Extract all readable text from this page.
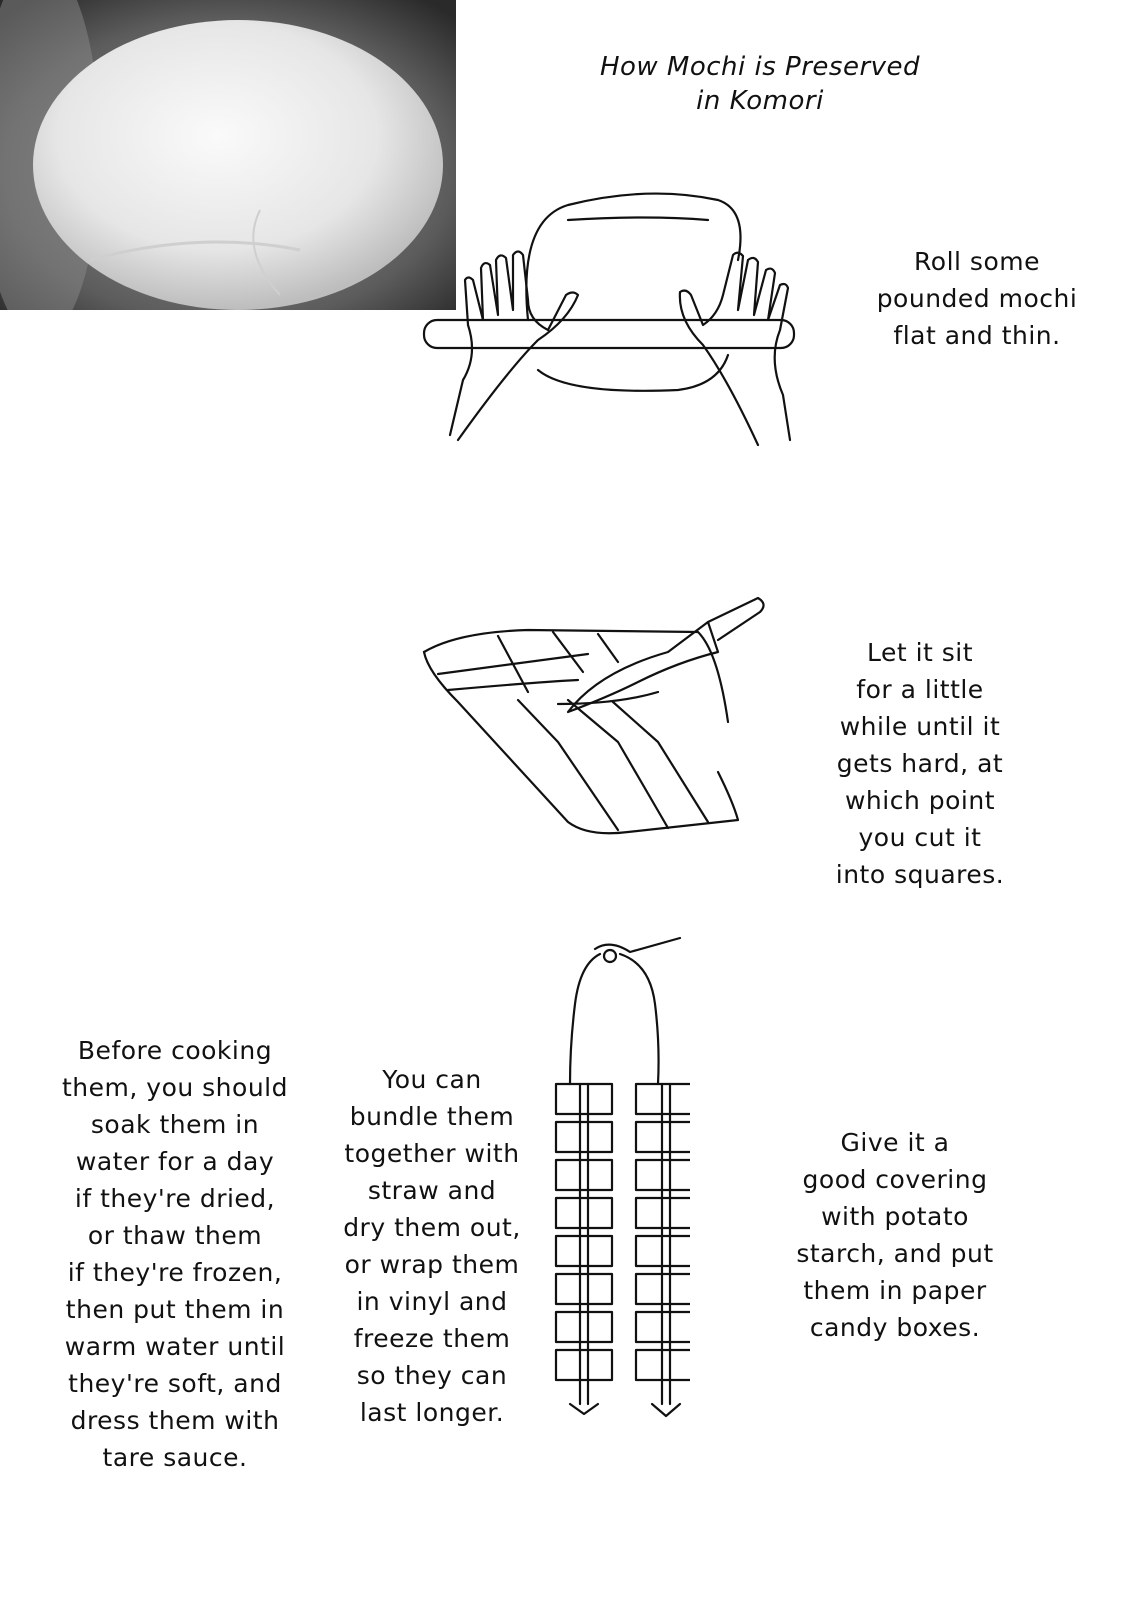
How Mochi is Preserved
in Komori
Roll some
pounded mochi
flat and thin.
Let it sit
for a little
while until it
gets hard, at
which point
you cut it
into squares.
Give it a
good covering
with potato
starch, and put
them in paper
candy boxes.
You can
bundle them
together with
straw and
dry them out,
or wrap them
in vinyl and
freeze them
so they can
last longer.
Before cooking
them, you should
soak them in
water for a day
if they're dried,
or thaw them
if they're frozen,
then put them in
warm water until
they're soft, and
dress them with
tare sauce.
